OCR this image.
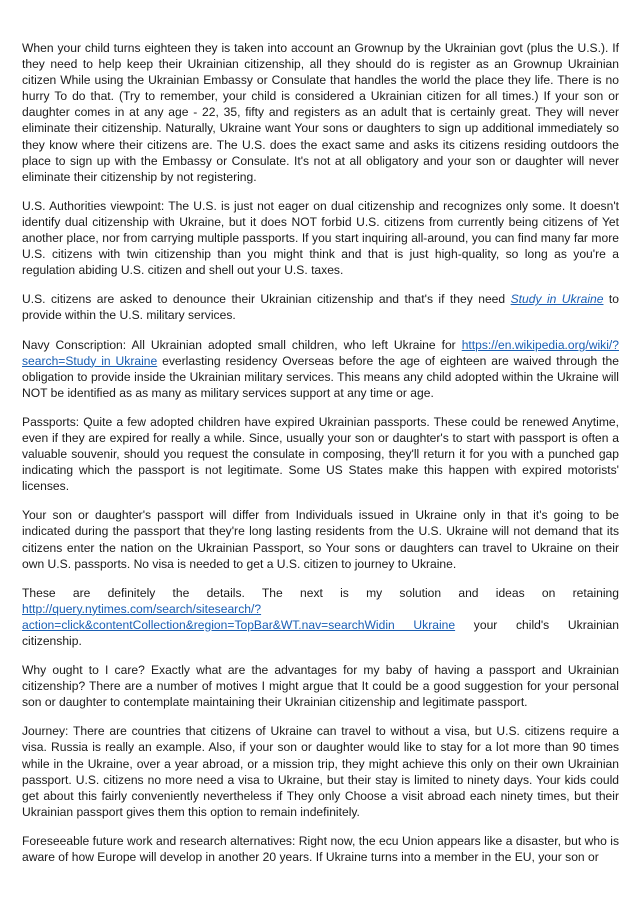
When your child turns eighteen they is taken into account an Grownup by the Ukrainian govt (plus the U.S.). If they need to help keep their Ukrainian citizenship, all they should do is register as an Grownup Ukrainian citizen While using the Ukrainian Embassy or Consulate that handles the world the place they life. There is no hurry To do that. (Try to remember, your child is considered a Ukrainian citizen for all times.) If your son or daughter comes in at any age - 22, 35, fifty and registers as an adult that is certainly great. They will never eliminate their citizenship. Naturally, Ukraine want Your sons or daughters to sign up additional immediately so they know where their citizens are. The U.S. does the exact same and asks its citizens residing outdoors the place to sign up with the Embassy or Consulate. It's not at all obligatory and your son or daughter will never eliminate their citizenship by not registering.

U.S. Authorities viewpoint: The U.S. is just not eager on dual citizenship and recognizes only some. It doesn't identify dual citizenship with Ukraine, but it does NOT forbid U.S. citizens from currently being citizens of Yet another place, nor from carrying multiple passports. If you start inquiring all-around, you can find many far more U.S. citizens with twin citizenship than you might think and that is just high-quality, so long as you're a regulation abiding U.S. citizen and shell out your U.S. taxes.

U.S. citizens are asked to denounce their Ukrainian citizenship and that's if they need Study in Ukraine to provide within the U.S. military services.

Navy Conscription: All Ukrainian adopted small children, who left Ukraine for https://en.wikipedia.org/wiki/?search=Study in Ukraine everlasting residency Overseas before the age of eighteen are waived through the obligation to provide inside the Ukrainian military services. This means any child adopted within the Ukraine will NOT be identified as as many as military services support at any time or age.

Passports: Quite a few adopted children have expired Ukrainian passports. These could be renewed Anytime, even if they are expired for really a while. Since, usually your son or daughter's to start with passport is often a valuable souvenir, should you request the consulate in composing, they'll return it for you with a punched gap indicating which the passport is not legitimate. Some US States make this happen with expired motorists' licenses.

Your son or daughter's passport will differ from Individuals issued in Ukraine only in that it's going to be indicated during the passport that they're long lasting residents from the U.S. Ukraine will not demand that its citizens enter the nation on the Ukrainian Passport, so Your sons or daughters can travel to Ukraine on their own U.S. passports. No visa is needed to get a U.S. citizen to journey to Ukraine.

These are definitely the details. The next is my solution and ideas on retaining http://query.nytimes.com/search/sitesearch/?action=click&contentCollection&region=TopBar&WT.nav=searchWidin Ukraine your child's Ukrainian citizenship.

Why ought to I care? Exactly what are the advantages for my baby of having a passport and Ukrainian citizenship? There are a number of motives I might argue that It could be a good suggestion for your personal son or daughter to contemplate maintaining their Ukrainian citizenship and legitimate passport.

Journey: There are countries that citizens of Ukraine can travel to without a visa, but U.S. citizens require a visa. Russia is really an example. Also, if your son or daughter would like to stay for a lot more than 90 times while in the Ukraine, over a year abroad, or a mission trip, they might achieve this only on their own Ukrainian passport. U.S. citizens no more need a visa to Ukraine, but their stay is limited to ninety days. Your kids could get about this fairly conveniently nevertheless if They only Choose a visit abroad each ninety times, but their Ukrainian passport gives them this option to remain indefinitely.

Foreseeable future work and research alternatives: Right now, the ecu Union appears like a disaster, but who is aware of how Europe will develop in another 20 years. If Ukraine turns into a member in the EU, your son or
